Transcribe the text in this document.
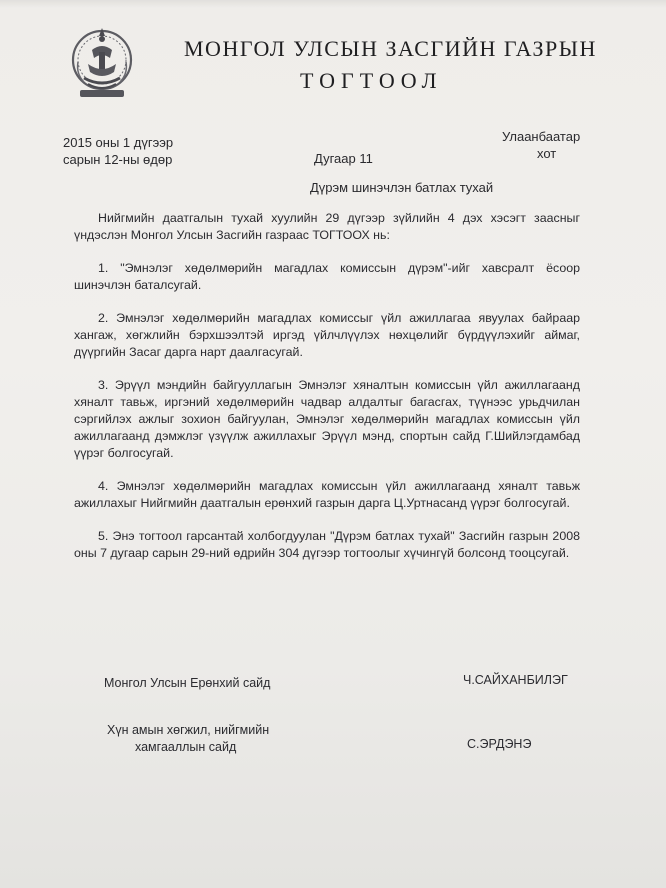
МОНГОЛ УЛСЫН ЗАСГИЙН ГАЗРЫН
ТОГТООЛ
2015 оны 1 дүгээр
сарын 12-ны өдөр	Дугаар 11
Улаанбаатар
хот
Дүрэм шинэчлэн батлах тухай

Нийгмийн даатгалын тухай хуулийн 29 дүгээр зүйлийн 4 дэх хэсэгт заасныг үндэслэн Монгол Улсын Засгийн газраас ТОГТООХ нь:

1. "Эмнэлэг хөдөлмөрийн магадлах комиссын дүрэм"-ийг хавсралт ёсоор шинэчлэн баталсугай.

2. Эмнэлэг хөдөлмөрийн магадлах комиссыг үйл ажиллагаа явуулах байраар хангаж, хөгжлийн бэрхшээлтэй иргэд үйлчлүүлэх нөхцөлийг бүрдүүлэхийг аймаг, дүүргийн Засаг дарга нарт даалгасугай.

3. Эрүүл мэндийн байгууллагын Эмнэлэг хяналтын комиссын үйл ажиллагаанд хяналт тавьж, иргэний хөдөлмөрийн чадвар алдалтыг багасгах, түүнээс урьдчилан сэргийлэх ажлыг зохион байгуулан, Эмнэлэг хөдөлмөрийн магадлах комиссын үйл ажиллагаанд дэмжлэг үзүүлж ажиллахыг Эрүүл мэнд, спортын сайд Г.Шийлэгдамбад үүрэг болгосугай.

4. Эмнэлэг хөдөлмөрийн магадлах комиссын үйл ажиллагаанд хяналт тавьж ажиллахыг Нийгмийн даатгалын ерөнхий газрын дарга Ц.Уртнасанд үүрэг болгосугай.

5. Энэ тогтоол гарсантай холбогдуулан "Дүрэм батлах тухай" Засгийн газрын 2008 оны 7 дугаар сарын 29-ний өдрийн 304 дүгээр тогтоолыг хүчингүй болсонд тооцсугай.

Монгол Улсын Ерөнхий сайд	Ч.САЙХАНБИЛЭГ
Хүн амын хөгжил, нийгмийн
хамгааллын сайд	С.ЭРДЭНЭ
